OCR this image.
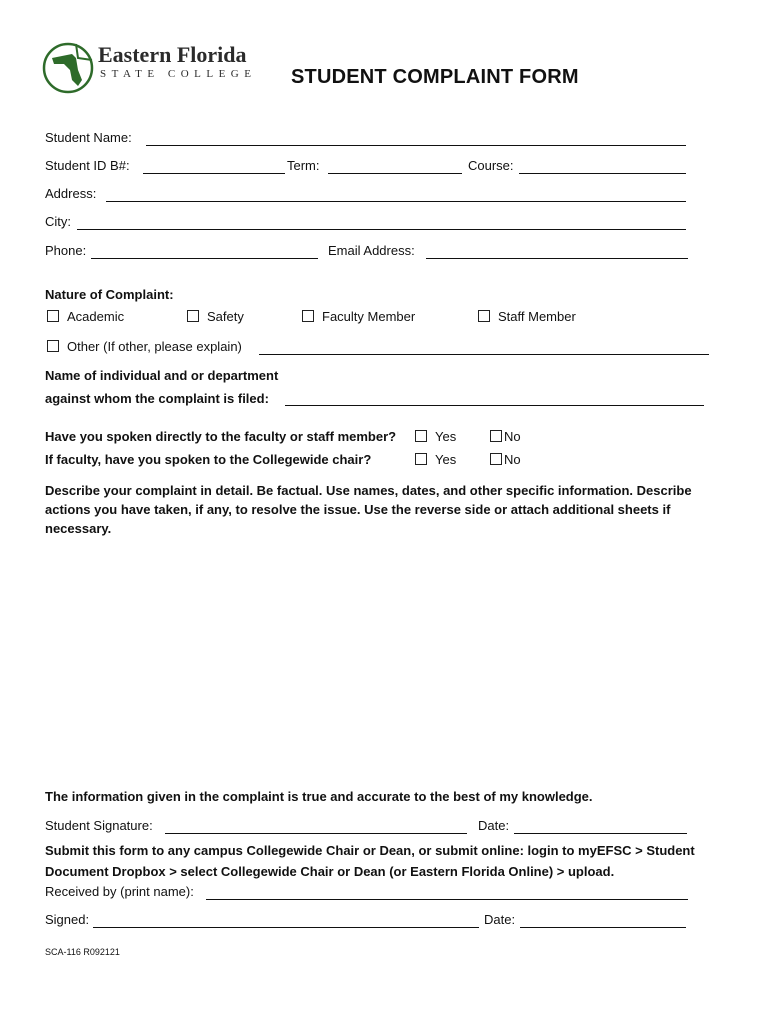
Eastern Florida
STATE COLLEGE STUDENT COMPLAINT FORM
Student Name:
Student ID B#:	Term:	Course:
Address:
City:
Phone:	Email Address:
Nature of Complaint:
Academic	Safety	Faculty Member	Staff Member
Other (If other, please explain)
Name of individual and or department
against whom the complaint is filed:
Have you spoken directly to the faculty or staff member?	Yes	No
If faculty, have you spoken to the Collegewide chair?	Yes	No
Describe your complaint in detail. Be factual. Use names, dates, and other specific information. Describe actions you have taken, if any, to resolve the issue. Use the reverse side or attach additional sheets if necessary.
The information given in the complaint is true and accurate to the best of my knowledge.
Student Signature:	Date:
Submit this form to any campus Collegewide Chair or Dean, or submit online: login to myEFSC > Student Document Dropbox > select Collegewide Chair or Dean (or Eastern Florida Online) > upload.
Received by (print name):
Signed:	Date:
SCA-116 R092121
